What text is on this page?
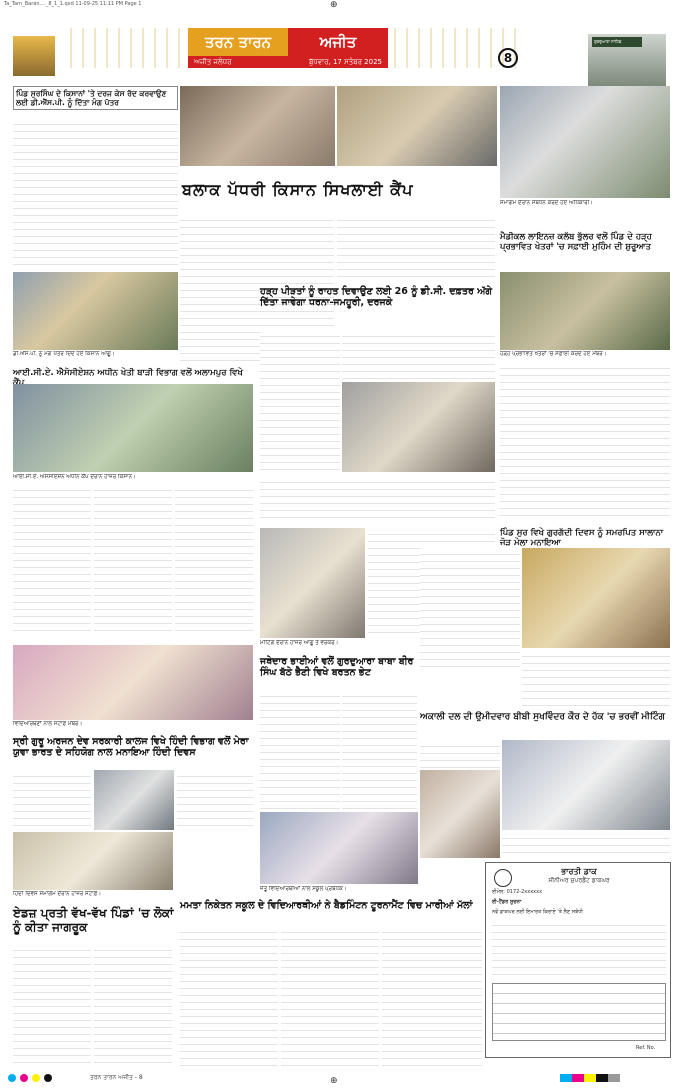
Ta_Tarn_Baran...._8_1_1.qxd 11-09-25 11:11 PM Page 1	⊕
⊕
ਤਰਨ ਤਾਰਨ	ਅਜੀਤ
ਅਜੀਤ ਜਲੰਧਰ	ਬੁੱਧਵਾਰ, 17 ਸਤੰਬਰ 2025	8
ਗੁਰਦੁਆਰਾ ਸਾਹਿਬ
ਪਿੰਡ ਸੁਰਸਿੰਘ ਦੇ ਕਿਸਾਨਾਂ 'ਤੇ ਦਰਜ ਕੇਸ ਰੱਦ ਕਰਵਾਉਣ ਲਈ ਡੀ.ਐੱਸ.ਪੀ. ਨੂੰ ਦਿੱਤਾ ਮੰਗ ਪੱਤਰ
ਡੀ.ਐੱਸ.ਪੀ. ਨੂੰ ਮੰਗ ਪੱਤਰ ਦਿੰਦੇ ਹੋਏ ਕਿਸਾਨ ਆਗੂ।
ਸਮਾਗਮ ਦੌਰਾਨ ਸੰਬੋਧਨ ਕਰਦੇ ਹੋਏ ਅਧਿਕਾਰੀ।
ਬਲਾਕ ਪੱਧਰੀ ਕਿਸਾਨ ਸਿਖਲਾਈ ਕੈਂਪ
ਮੈਡੀਕਲ ਲਾਇਨਜ਼ ਕਲੱਬ ਭੁੱਲਰ ਵਲੋਂ ਪਿੰਡ ਦੇ ਹੜ੍ਹ ਪ੍ਰਭਾਵਿਤ ਖੇਤਰਾਂ 'ਚ ਸਫ਼ਾਈ ਮੁਹਿੰਮ ਦੀ ਸ਼ੁਰੂਆਤ
ਹੜ੍ਹ ਪ੍ਰਭਾਵਿਤ ਖੇਤਰਾਂ 'ਚ ਸਫ਼ਾਈ ਕਰਦੇ ਹੋਏ ਮੈਂਬਰ।
ਹੜ੍ਹ ਪੀੜਤਾਂ ਨੂੰ ਰਾਹਤ ਦਿਵਾਉਣ ਲਈ 26 ਨੂੰ ਡੀ.ਸੀ. ਦਫ਼ਤਰ ਅੱਗੇ ਦਿੱਤਾ ਜਾਵੇਗਾ ਧਰਨਾ-ਜਮਹੂਰੀ, ਦਰਜਕੇ
ਆਈ.ਸੀ.ਏ. ਐਸੋਸੀਏਸ਼ਨ ਅਧੀਨ ਖੇਤੀ ਬਾੜੀ ਵਿਭਾਗ ਵਲੋਂ ਅਲਾਮਪੁਰ ਵਿਖੇ
ਆਈ.ਸੀ.ਏ. ਐਸੋਸੀਏਸ਼ਨ ਅਧੀਨ ਕੈਂਪ ਦੌਰਾਨ ਹਾਜ਼ਰ ਕਿਸਾਨ।
ਮੀਟਿੰਗ ਦੌਰਾਨ ਹਾਜ਼ਰ ਆਗੂ ਤੇ ਵਰਕਰ।
ਪਿੰਡ ਸੁਰ ਵਿਖੇ ਗੁਰਗੱਦੀ ਦਿਵਸ ਨੂੰ ਸਮਰਪਿਤ ਸਾਲਾਨਾ ਜੋੜ ਮੇਲਾ ਮਨਾਇਆ
ਵਿਦਿਆਰਥਣਾਂ ਨਾਲ ਸਟਾਫ਼ ਮੈਂਬਰ।
ਜਥੇਦਾਰ ਭਾਈਆਂ ਵਲੋਂ ਗੁਰਦੁਆਰਾ ਬਾਬਾ ਬੀਰ ਸਿੰਘ ਬੱਠੇ ਭੈਣੀ ਵਿਖੇ ਬਰਤਨ ਭੇਟ
ਸ੍ਰੀ ਗੁਰੂ ਅਰਜਨ ਦੇਵ ਸਰਕਾਰੀ ਕਾਲਜ ਵਿਖੇ ਹਿੰਦੀ ਵਿਭਾਗ ਵਲੋਂ ਮੇਰਾ ਯੁਵਾ ਭਾਰਤ ਦੇ ਸਹਿਯੋਗ ਨਾਲ ਮਨਾਇਆ ਹਿੰਦੀ ਦਿਵਸ
ਹਿੰਦੀ ਦਿਵਸ ਸਮਾਗਮ ਦੌਰਾਨ ਹਾਜ਼ਰ ਸਟਾਫ਼।
ਅਕਾਲੀ ਦਲ ਦੀ ਉਮੀਦਵਾਰ ਬੀਬੀ ਸੁਖਵਿੰਦਰ ਕੌਰ ਦੇ ਹੱਕ 'ਚ ਭਰਵੀਂ ਮੀਟਿੰਗ
ਜੇਤੂ ਵਿਦਿਆਰਥੀਆਂ ਨਾਲ ਸਕੂਲ ਪ੍ਰਬੰਧਕ।
ਏਡਜ਼ ਪ੍ਰਤੀ ਵੱਖ-ਵੱਖ ਪਿੰਡਾਂ 'ਚ ਲੋਕਾਂ ਨੂੰ ਕੀਤਾ ਜਾਗਰੂਕ
ਮਮਤਾ ਨਿਕੇਤਨ ਸਕੂਲ ਦੇ ਵਿਦਿਆਰਥੀਆਂ ਨੇ ਬੈਡਮਿੰਟਨ ਟੂਰਨਾਮੈਂਟ ਵਿਚ ਮਾਰੀਆਂ ਮੱਲਾਂ
ਭਾਰਤੀ ਡਾਕ
ਸੀਨੀਅਰ ਸੁਪਰਡੈਂਟ ਡਾਕਘਰ
ਈਮੇਲ: 0172-2xxxxxx
ਈ-ਟੈਂਡਰ ਸੂਚਨਾ
ਨਵੇਂ ਡਾਕਘਰ ਲਈ ਇਮਾਰਤ ਕਿਰਾਏ 'ਤੇ ਲੈਣ ਸਬੰਧੀ
Ref. No.
ਤਰਨ ਤਾਰਨ ਅਜੀਤ - 8
